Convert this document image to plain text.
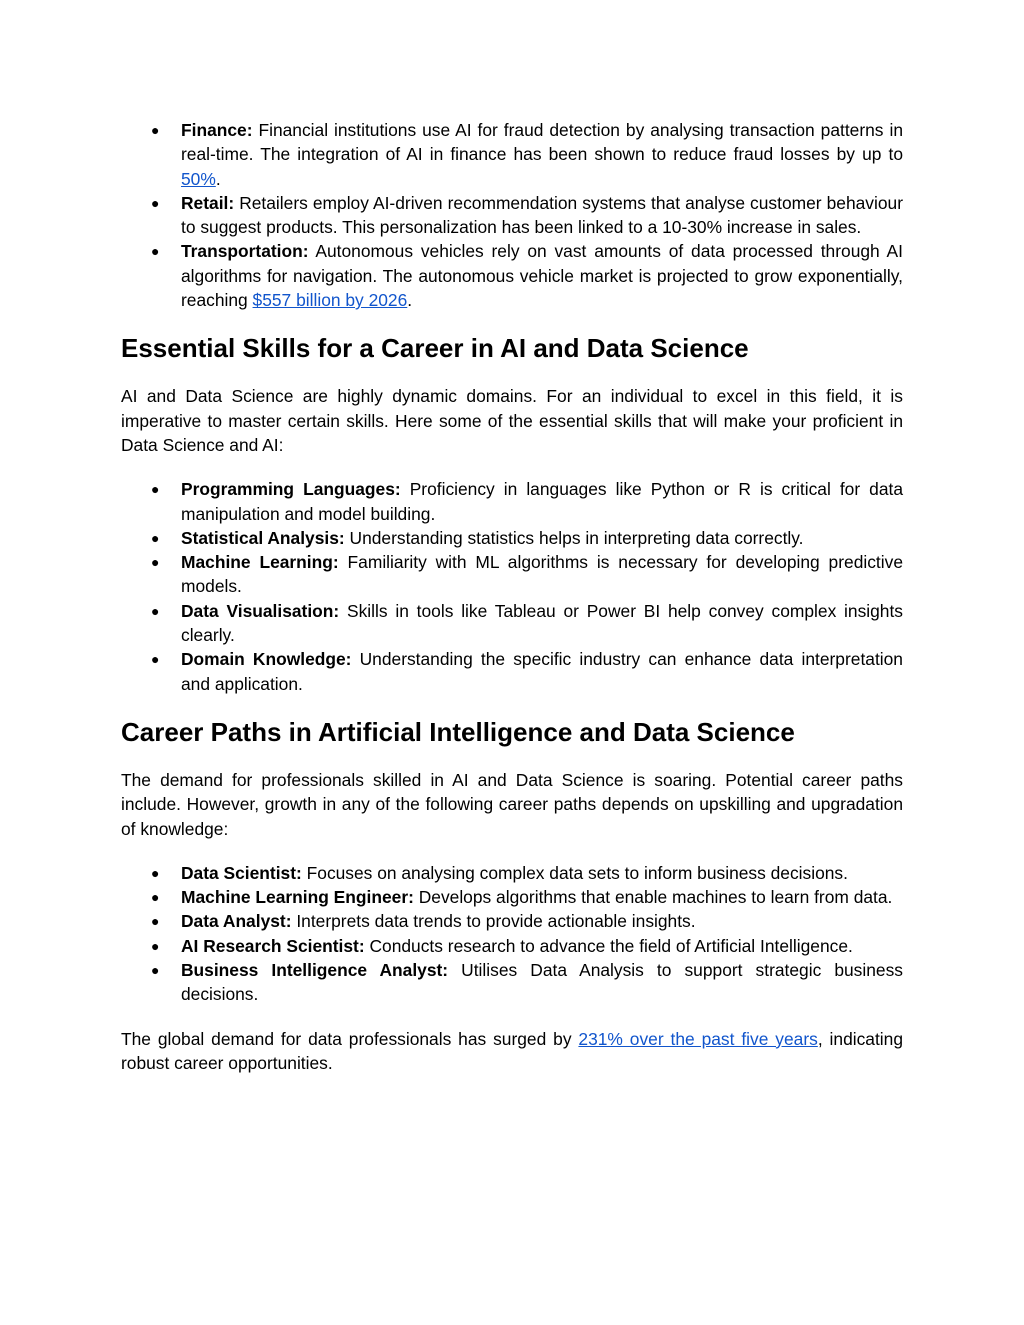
●	Finance: Financial institutions use AI for fraud detection by analysing transaction patterns in real-time. The integration of AI in finance has been shown to reduce fraud losses by up to 50%.
●	Retail: Retailers employ AI-driven recommendation systems that analyse customer behaviour to suggest products. This personalization has been linked to a 10-30% increase in sales.
●	Transportation: Autonomous vehicles rely on vast amounts of data processed through AI algorithms for navigation. The autonomous vehicle market is projected to grow exponentially, reaching $557 billion by 2026.
Essential Skills for a Career in AI and Data Science

AI and Data Science are highly dynamic domains. For an individual to excel in this field, it is imperative to master certain skills. Here some of the essential skills that will make your proficient in Data Science and AI:

●	Programming Languages: Proficiency in languages like Python or R is critical for data manipulation and model building.
●	Statistical Analysis: Understanding statistics helps in interpreting data correctly.
●	Machine Learning: Familiarity with ML algorithms is necessary for developing predictive models.
●	Data Visualisation: Skills in tools like Tableau or Power BI help convey complex insights clearly.
●	Domain Knowledge: Understanding the specific industry can enhance data interpretation and application.
Career Paths in Artificial Intelligence and Data Science

The demand for professionals skilled in AI and Data Science is soaring. Potential career paths include. However, growth in any of the following career paths depends on upskilling and upgradation of knowledge:

●	Data Scientist: Focuses on analysing complex data sets to inform business decisions.
●	Machine Learning Engineer: Develops algorithms that enable machines to learn from data.
●	Data Analyst: Interprets data trends to provide actionable insights.
●	AI Research Scientist: Conducts research to advance the field of Artificial Intelligence.
●	Business Intelligence Analyst: Utilises Data Analysis to support strategic business decisions.

The global demand for data professionals has surged by 231% over the past five years, indicating robust career opportunities.
